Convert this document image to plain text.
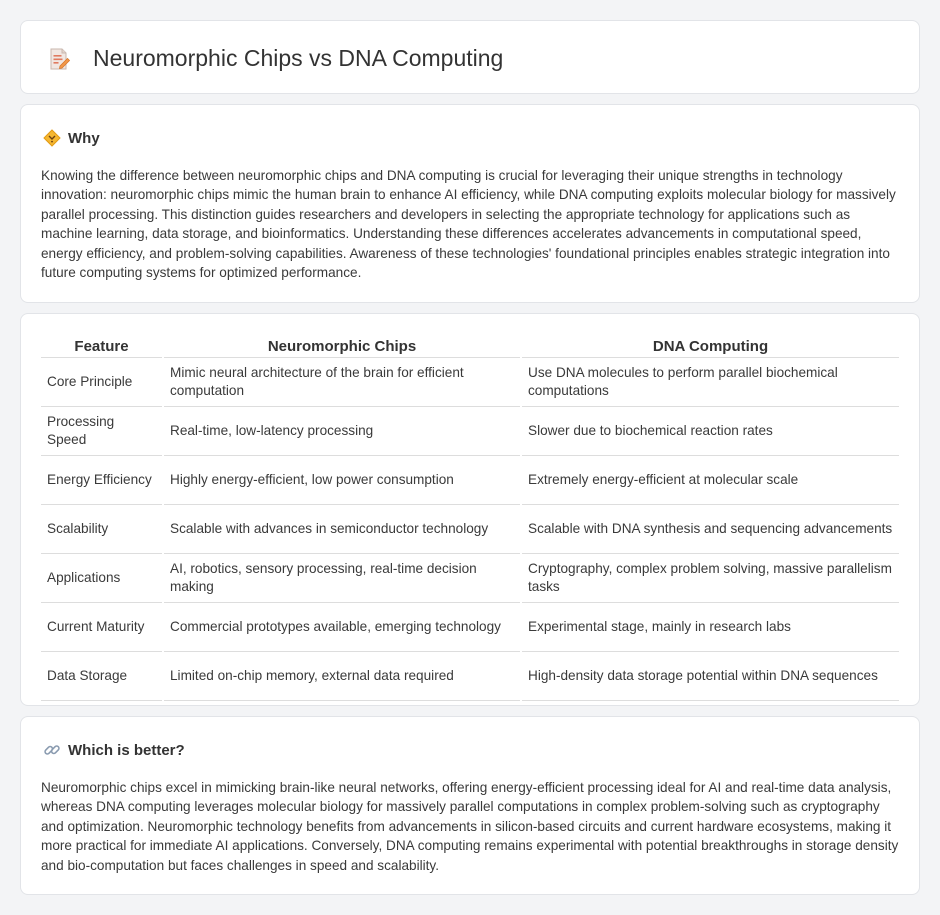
Neuromorphic Chips vs DNA Computing
Why

Knowing the difference between neuromorphic chips and DNA computing is crucial for leveraging their unique strengths in technology innovation: neuromorphic chips mimic the human brain to enhance AI efficiency, while DNA computing exploits molecular biology for massively parallel processing. This distinction guides researchers and developers in selecting the appropriate technology for applications such as machine learning, data storage, and bioinformatics. Understanding these differences accelerates advancements in computational speed, energy efficiency, and problem-solving capabilities. Awareness of these technologies' foundational principles enables strategic integration into future computing systems for optimized performance.

Feature	Neuromorphic Chips	DNA Computing
Core Principle	Mimic neural architecture of the brain for efficient computation	Use DNA molecules to perform parallel biochemical computations
Processing Speed	Real-time, low-latency processing	Slower due to biochemical reaction rates
Energy Efficiency	Highly energy-efficient, low power consumption	Extremely energy-efficient at molecular scale
Scalability	Scalable with advances in semiconductor technology	Scalable with DNA synthesis and sequencing advancements
Applications	AI, robotics, sensory processing, real-time decision making	Cryptography, complex problem solving, massive parallelism tasks
Current Maturity	Commercial prototypes available, emerging technology	Experimental stage, mainly in research labs
Data Storage	Limited on-chip memory, external data required	High-density data storage potential within DNA sequences
Which is better?

Neuromorphic chips excel in mimicking brain-like neural networks, offering energy-efficient processing ideal for AI and real-time data analysis, whereas DNA computing leverages molecular biology for massively parallel computations in complex problem-solving such as cryptography and optimization. Neuromorphic technology benefits from advancements in silicon-based circuits and current hardware ecosystems, making it more practical for immediate AI applications. Conversely, DNA computing remains experimental with potential breakthroughs in storage density and bio-computation but faces challenges in speed and scalability.
